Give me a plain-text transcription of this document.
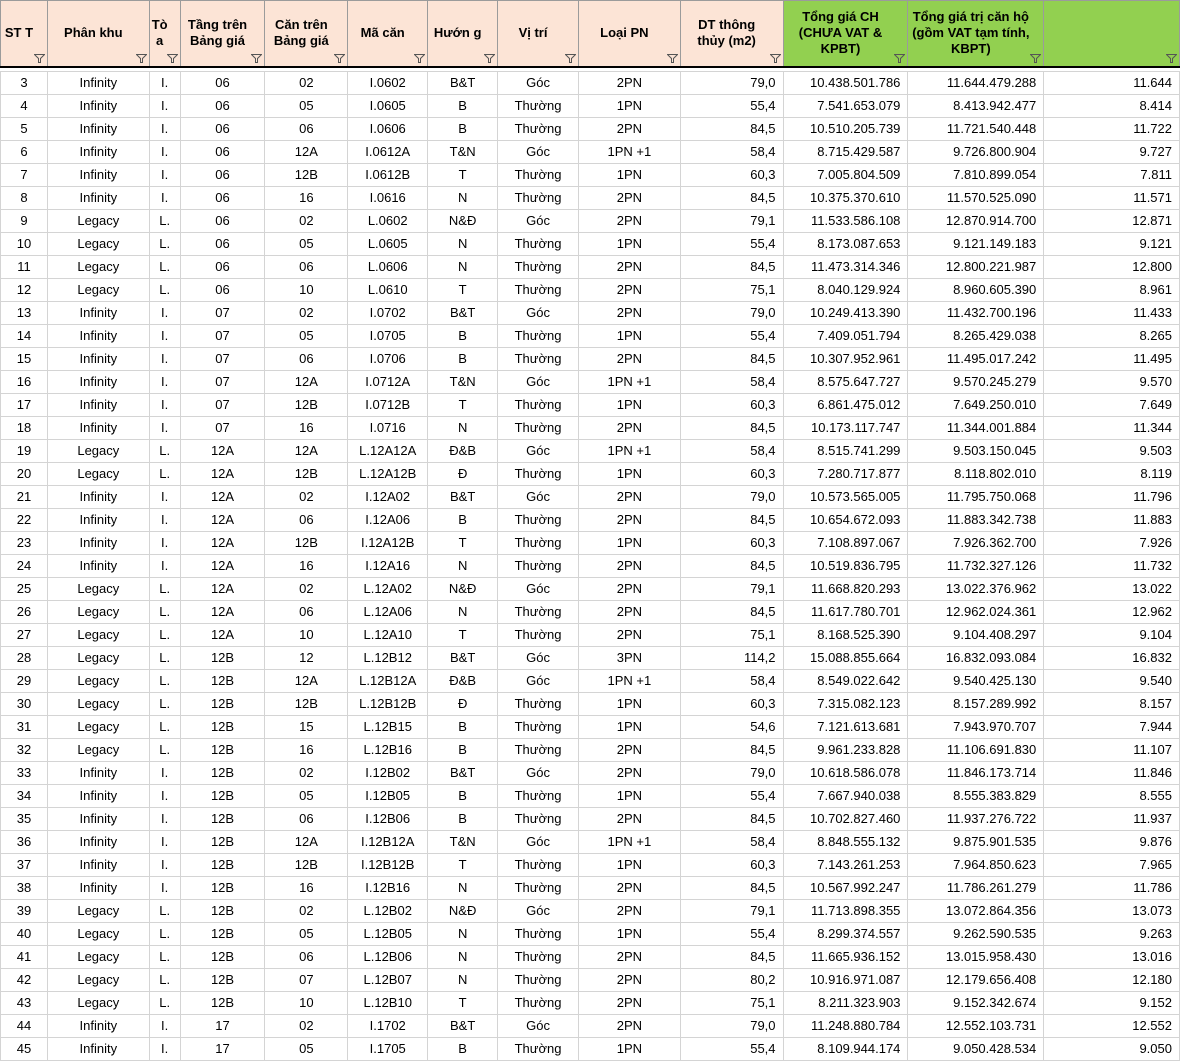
ST T	Phân khu	Tò a	Tầng trên Bảng giá	Căn trên Bảng giá	Mã căn	Hướn g	Vị trí	Loại PN	DT thông thủy (m2)	Tổng giá CH (CHƯA VAT & KPBT)	Tổng giá trị căn hộ (gồm VAT tạm tính, KBPT)

3	Infinity	I.	06	02	I.0602	B&T	Góc	2PN	79,0	10.438.501.786	11.644.479.288	11.644
4	Infinity	I.	06	05	I.0605	B	Thường	1PN	55,4	7.541.653.079	8.413.942.477	8.414
5	Infinity	I.	06	06	I.0606	B	Thường	2PN	84,5	10.510.205.739	11.721.540.448	11.722
6	Infinity	I.	06	12A	I.0612A	T&N	Góc	1PN +1	58,4	8.715.429.587	9.726.800.904	9.727
7	Infinity	I.	06	12B	I.0612B	T	Thường	1PN	60,3	7.005.804.509	7.810.899.054	7.811
8	Infinity	I.	06	16	I.0616	N	Thường	2PN	84,5	10.375.370.610	11.570.525.090	11.571
9	Legacy	L.	06	02	L.0602	N&Đ	Góc	2PN	79,1	11.533.586.108	12.870.914.700	12.871
10	Legacy	L.	06	05	L.0605	N	Thường	1PN	55,4	8.173.087.653	9.121.149.183	9.121
11	Legacy	L.	06	06	L.0606	N	Thường	2PN	84,5	11.473.314.346	12.800.221.987	12.800
12	Legacy	L.	06	10	L.0610	T	Thường	2PN	75,1	8.040.129.924	8.960.605.390	8.961
13	Infinity	I.	07	02	I.0702	B&T	Góc	2PN	79,0	10.249.413.390	11.432.700.196	11.433
14	Infinity	I.	07	05	I.0705	B	Thường	1PN	55,4	7.409.051.794	8.265.429.038	8.265
15	Infinity	I.	07	06	I.0706	B	Thường	2PN	84,5	10.307.952.961	11.495.017.242	11.495
16	Infinity	I.	07	12A	I.0712A	T&N	Góc	1PN +1	58,4	8.575.647.727	9.570.245.279	9.570
17	Infinity	I.	07	12B	I.0712B	T	Thường	1PN	60,3	6.861.475.012	7.649.250.010	7.649
18	Infinity	I.	07	16	I.0716	N	Thường	2PN	84,5	10.173.117.747	11.344.001.884	11.344
19	Legacy	L.	12A	12A	L.12A12A	Đ&B	Góc	1PN +1	58,4	8.515.741.299	9.503.150.045	9.503
20	Legacy	L.	12A	12B	L.12A12B	Đ	Thường	1PN	60,3	7.280.717.877	8.118.802.010	8.119
21	Infinity	I.	12A	02	I.12A02	B&T	Góc	2PN	79,0	10.573.565.005	11.795.750.068	11.796
22	Infinity	I.	12A	06	I.12A06	B	Thường	2PN	84,5	10.654.672.093	11.883.342.738	11.883
23	Infinity	I.	12A	12B	I.12A12B	T	Thường	1PN	60,3	7.108.897.067	7.926.362.700	7.926
24	Infinity	I.	12A	16	I.12A16	N	Thường	2PN	84,5	10.519.836.795	11.732.327.126	11.732
25	Legacy	L.	12A	02	L.12A02	N&Đ	Góc	2PN	79,1	11.668.820.293	13.022.376.962	13.022
26	Legacy	L.	12A	06	L.12A06	N	Thường	2PN	84,5	11.617.780.701	12.962.024.361	12.962
27	Legacy	L.	12A	10	L.12A10	T	Thường	2PN	75,1	8.168.525.390	9.104.408.297	9.104
28	Legacy	L.	12B	12	L.12B12	B&T	Góc	3PN	114,2	15.088.855.664	16.832.093.084	16.832
29	Legacy	L.	12B	12A	L.12B12A	Đ&B	Góc	1PN +1	58,4	8.549.022.642	9.540.425.130	9.540
30	Legacy	L.	12B	12B	L.12B12B	Đ	Thường	1PN	60,3	7.315.082.123	8.157.289.992	8.157
31	Legacy	L.	12B	15	L.12B15	B	Thường	1PN	54,6	7.121.613.681	7.943.970.707	7.944
32	Legacy	L.	12B	16	L.12B16	B	Thường	2PN	84,5	9.961.233.828	11.106.691.830	11.107
33	Infinity	I.	12B	02	I.12B02	B&T	Góc	2PN	79,0	10.618.586.078	11.846.173.714	11.846
34	Infinity	I.	12B	05	I.12B05	B	Thường	1PN	55,4	7.667.940.038	8.555.383.829	8.555
35	Infinity	I.	12B	06	I.12B06	B	Thường	2PN	84,5	10.702.827.460	11.937.276.722	11.937
36	Infinity	I.	12B	12A	I.12B12A	T&N	Góc	1PN +1	58,4	8.848.555.132	9.875.901.535	9.876
37	Infinity	I.	12B	12B	I.12B12B	T	Thường	1PN	60,3	7.143.261.253	7.964.850.623	7.965
38	Infinity	I.	12B	16	I.12B16	N	Thường	2PN	84,5	10.567.992.247	11.786.261.279	11.786
39	Legacy	L.	12B	02	L.12B02	N&Đ	Góc	2PN	79,1	11.713.898.355	13.072.864.356	13.073
40	Legacy	L.	12B	05	L.12B05	N	Thường	1PN	55,4	8.299.374.557	9.262.590.535	9.263
41	Legacy	L.	12B	06	L.12B06	N	Thường	2PN	84,5	11.665.936.152	13.015.958.430	13.016
42	Legacy	L.	12B	07	L.12B07	N	Thường	2PN	80,2	10.916.971.087	12.179.656.408	12.180
43	Legacy	L.	12B	10	L.12B10	T	Thường	2PN	75,1	8.211.323.903	9.152.342.674	9.152
44	Infinity	I.	17	02	I.1702	B&T	Góc	2PN	79,0	11.248.880.784	12.552.103.731	12.552
45	Infinity	I.	17	05	I.1705	B	Thường	1PN	55,4	8.109.944.174	9.050.428.534	9.050
